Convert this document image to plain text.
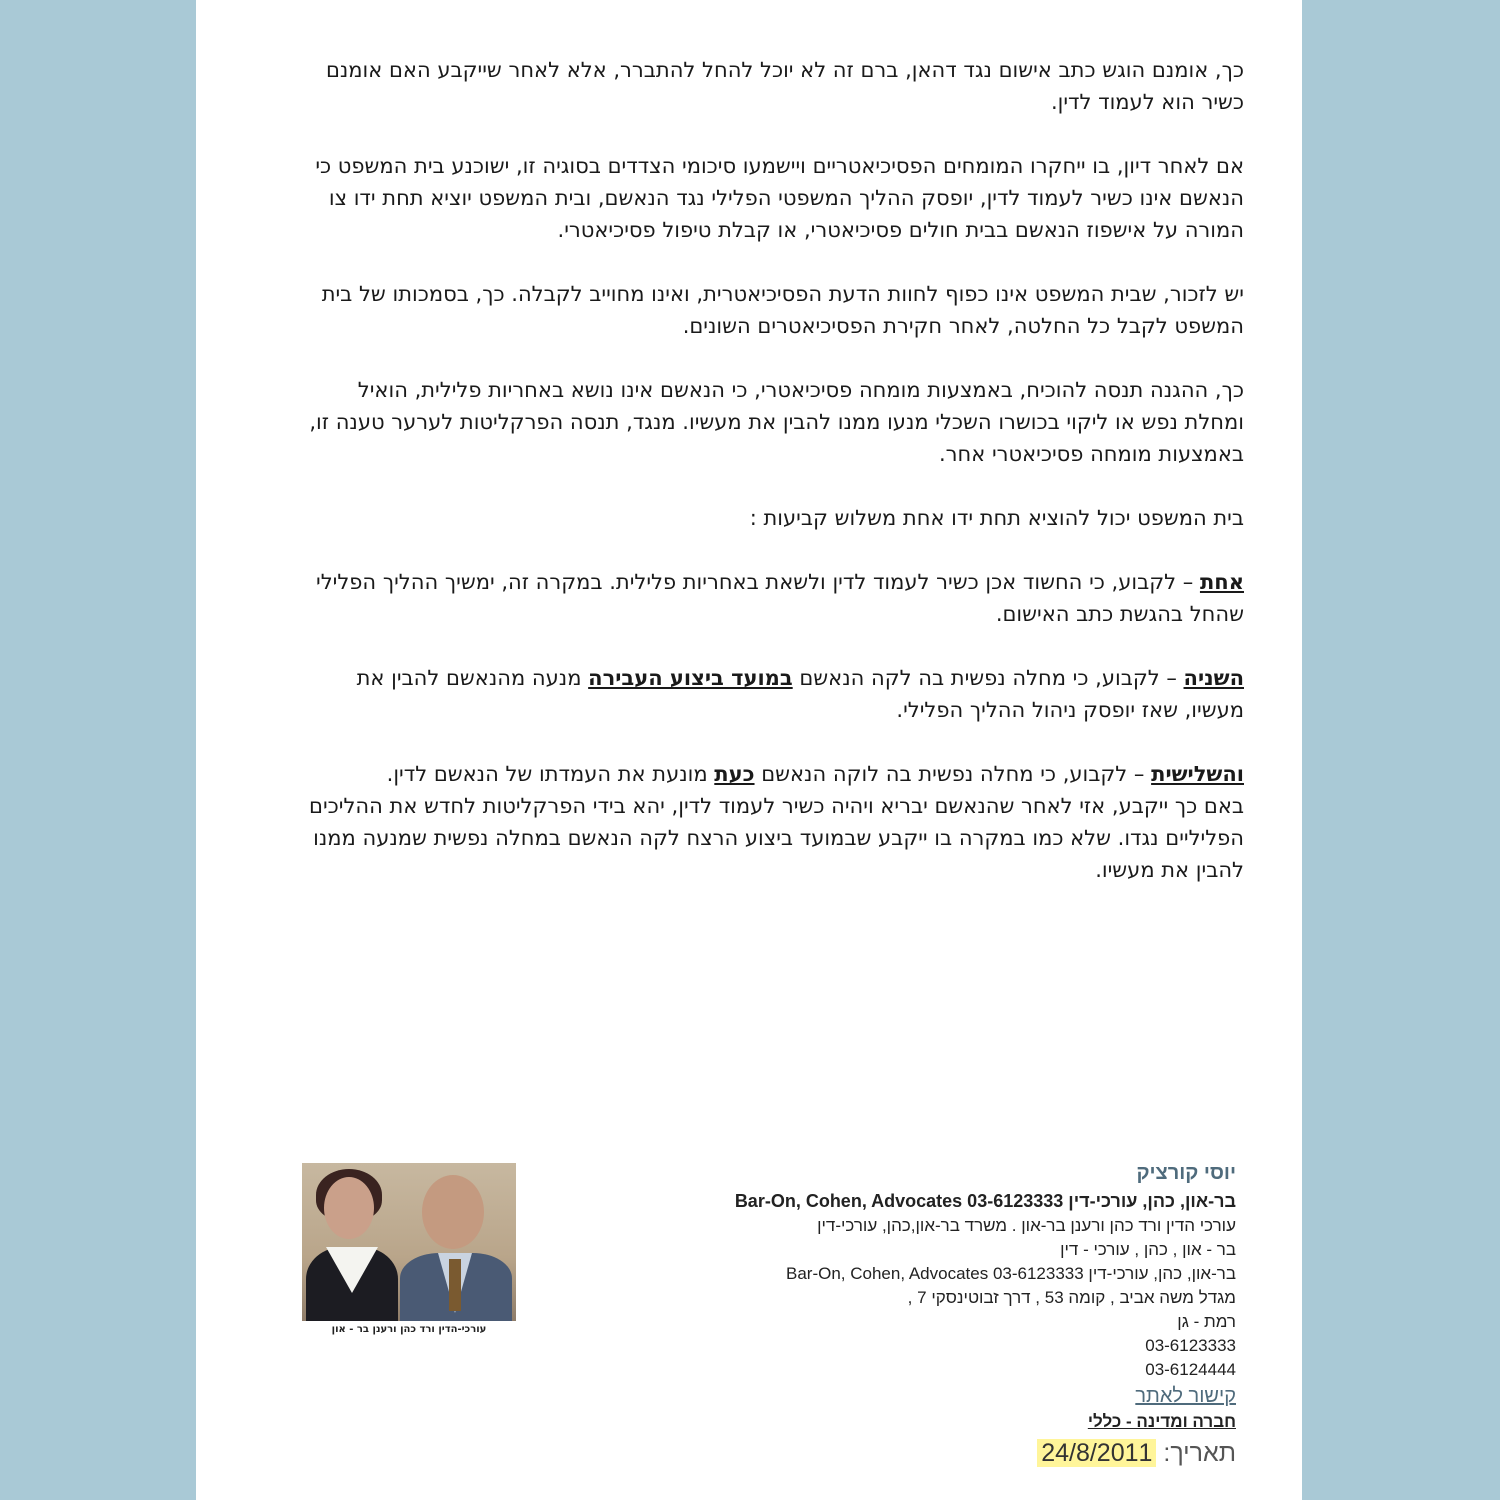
כך, אומנם הוגש כתב אישום נגד דהאן, ברם זה לא יוכל להחל להתברר, אלא לאחר שייקבע האם אומנם כשיר הוא לעמוד לדין.

אם לאחר דיון, בו ייחקרו המומחים הפסיכיאטריים ויישמעו סיכומי הצדדים בסוגיה זו, ישוכנע בית המשפט כי הנאשם אינו כשיר לעמוד לדין, יופסק ההליך המשפטי הפלילי נגד הנאשם, ובית המשפט יוציא תחת ידו צו המורה על אישפוז הנאשם בבית חולים פסיכיאטרי, או קבלת טיפול פסיכיאטרי.

יש לזכור, שבית המשפט אינו כפוף לחוות הדעת הפסיכיאטרית, ואינו מחוייב לקבלה. כך, בסמכותו של בית המשפט לקבל כל החלטה, לאחר חקירת הפסיכיאטרים השונים.

כך, ההגנה תנסה להוכיח, באמצעות מומחה פסיכיאטרי, כי הנאשם אינו נושא באחריות פלילית, הואיל ומחלת נפש או ליקוי בכושרו השכלי מנעו ממנו להבין את מעשיו. מנגד, תנסה הפרקליטות לערער טענה זו, באמצעות מומחה פסיכיאטרי אחר.

בית המשפט יכול להוציא תחת ידו אחת משלוש קביעות :

אחת – לקבוע, כי החשוד אכן כשיר לעמוד לדין ולשאת באחריות פלילית. במקרה זה, ימשיך ההליך הפלילי שהחל בהגשת כתב האישום.

השניה – לקבוע, כי מחלה נפשית בה לקה הנאשם במועד ביצוע העבירה מנעה מהנאשם להבין את מעשיו, שאז יופסק ניהול ההליך הפלילי.

והשלישית – לקבוע, כי מחלה נפשית בה לוקה הנאשם כעת מונעת את העמדתו של הנאשם לדין.

באם כך ייקבע, אזי לאחר שהנאשם יבריא ויהיה כשיר לעמוד לדין, יהא בידי הפרקליטות לחדש את ההליכים הפליליים נגדו. שלא כמו במקרה בו ייקבע שבמועד ביצוע הרצח לקה הנאשם במחלה נפשית שמנעה ממנו להבין את מעשיו.

עורכי-הדין ורד כהן ורענן בר - און
יוסי קורציק
בר-און, כהן, עורכי-דין Bar-On, Cohen, Advocates 03-6123333
עורכי הדין ורד כהן ורענן בר-און . משרד בר-און,כהן, עורכי-דין
בר - און , כהן , עורכי - דין
בר-און, כהן, עורכי-דין Bar-On, Cohen, Advocates 03-6123333
מגדל משה אביב , קומה 53 , דרך זבוטינסקי 7 ,
רמת - גן
03-6123333
03-6124444
קישור לאתר
חברה ומדינה - כללי
תאריך: 24/8/2011
